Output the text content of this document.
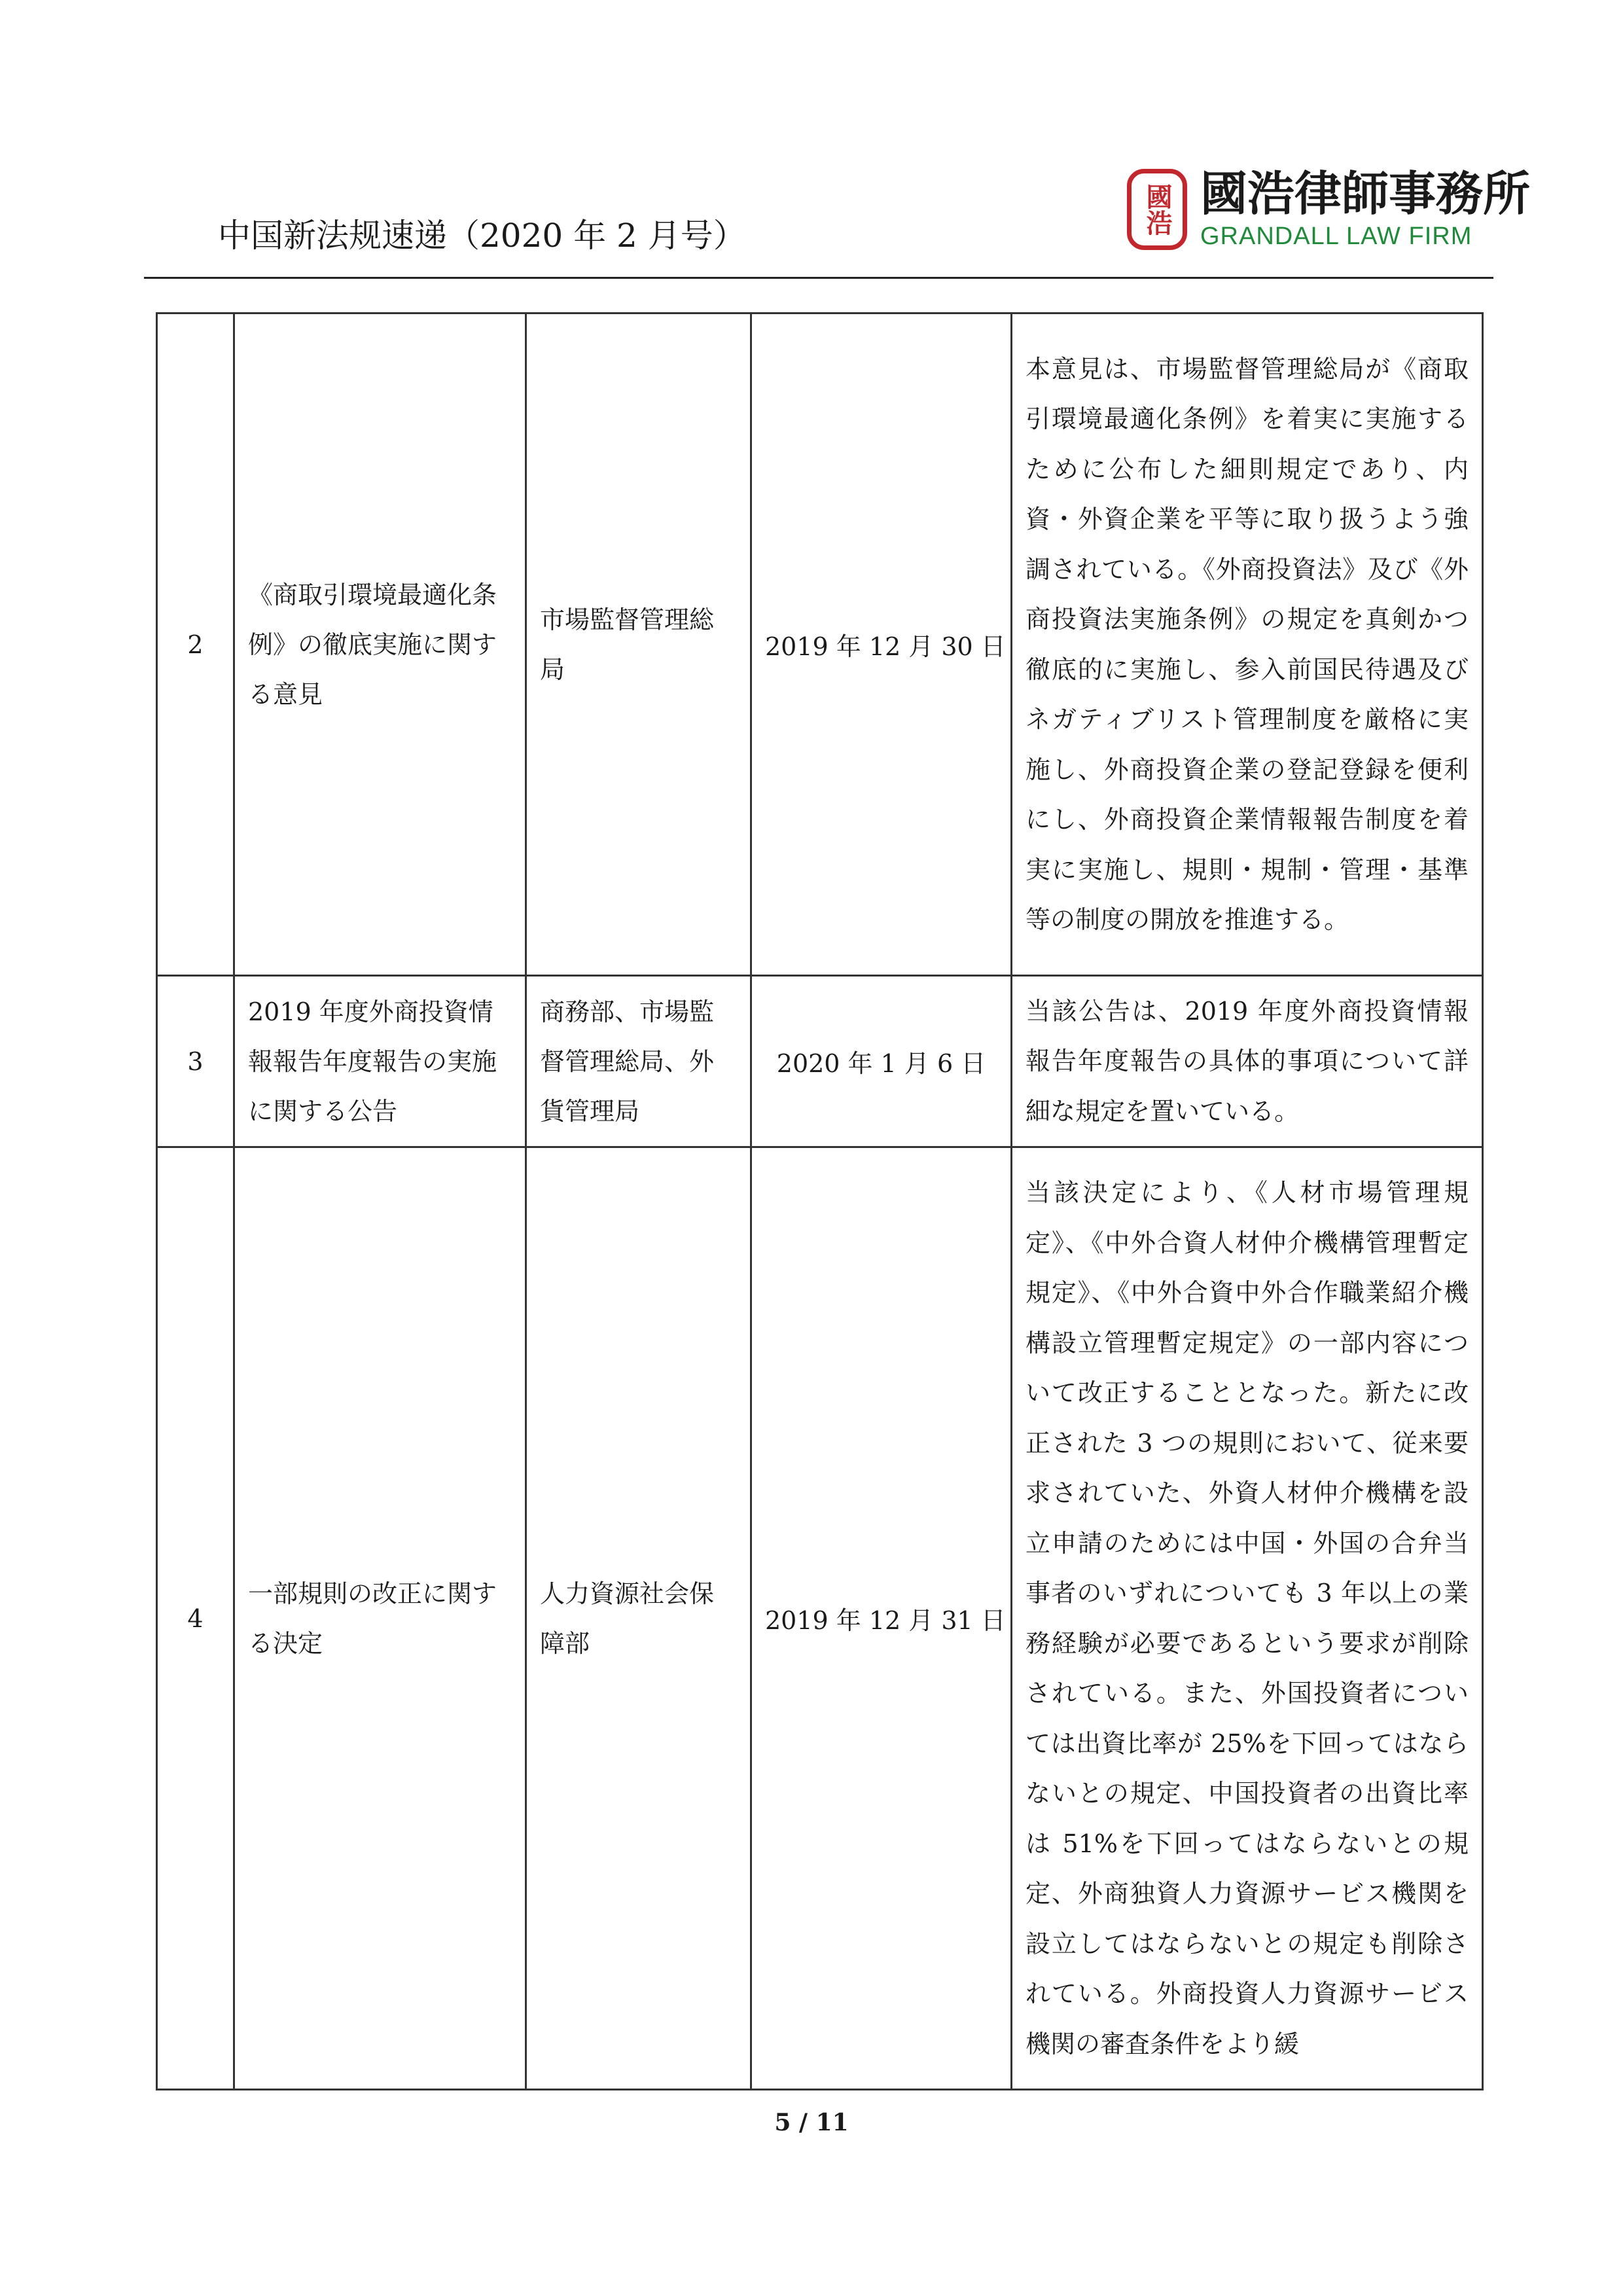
中国新法规速递（2020 年 2 月号）	國浩 國浩律師事務所
GRANDALL LAW FIRM
2	《商取引環境最適化条例》の徹底実施に関する意見	市場監督管理総局	2019 年 12 月 30 日	本意見は、市場監督管理総局が《商取引環境最適化条例》を着実に実施するために公布した細則規定であり、内資・外資企業を平等に取り扱うよう強調されている。《外商投資法》及び《外商投資法実施条例》の規定を真剣かつ徹底的に実施し、参入前国民待遇及びネガティブリスト管理制度を厳格に実施し、外商投資企業の登記登録を便利にし、外商投資企業情報報告制度を着実に実施し、規則・規制・管理・基準等の制度の開放を推進する。
3	2019 年度外商投資情報報告年度報告の実施に関する公告	商務部、市場監督管理総局、外貨管理局	2020 年 1 月 6 日	当該公告は、2019 年度外商投資情報報告年度報告の具体的事項について詳細な規定を置いている。
4	一部規則の改正に関する決定	人力資源社会保障部	2019 年 12 月 31 日	当該決定により、《人材市場管理規定》、《中外合資人材仲介機構管理暫定規定》、《中外合資中外合作職業紹介機構設立管理暫定規定》の一部内容について改正することとなった。新たに改正された 3 つの規則において、従来要求されていた、外資人材仲介機構を設立申請のためには中国・外国の合弁当事者のいずれについても 3 年以上の業務経験が必要であるという要求が削除されている。また、外国投資者については出資比率が 25%を下回ってはならないとの規定、中国投資者の出資比率は 51%を下回ってはならないとの規定、外商独資人力資源サービス機関を設立してはならないとの規定も削除されている。外商投資人力資源サービス機関の審査条件をより緩
5 / 11
